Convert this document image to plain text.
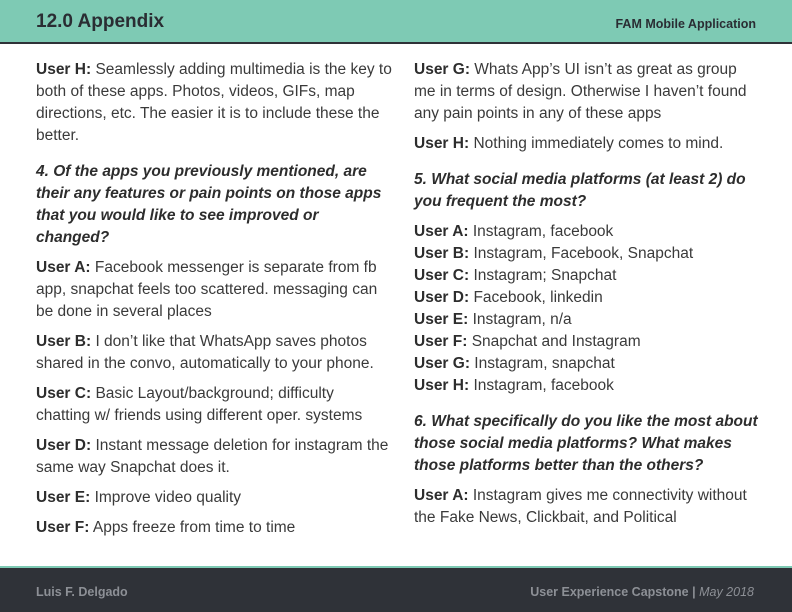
12.0 Appendix	FAM Mobile Application

User H: Seamlessly adding multimedia is the key to both of these apps. Photos, videos, GIFs, map directions, etc. The easier it is to include these the better.

4. Of the apps you previously mentioned, are their any features or pain points on those apps that you would like to see improved or changed?

User A: Facebook messenger is separate from fb app, snapchat feels too scattered. messaging can be done in several places

User B: I don’t like that WhatsApp saves photos shared in the convo, automatically to your phone.

User C: Basic Layout/background; difficulty chatting w/ friends using different oper. systems

User D: Instant message deletion for instagram the same way Snapchat does it.

User E: Improve video quality

User F: Apps freeze from time to time

User G: Whats App’s UI isn’t as great as group me in terms of design. Otherwise I haven’t found any pain points in any of these apps

User H: Nothing immediately comes to mind.

5. What social media platforms (at least 2) do you frequent the most?

User A: Instagram, facebook

User B: Instagram, Facebook, Snapchat

User C: Instagram; Snapchat

User D: Facebook, linkedin

User E: Instagram, n/a

User F: Snapchat and Instagram

User G: Instagram, snapchat

User H: Instagram, facebook

6. What specifically do you like the most about those social media platforms? What makes those platforms better than the others?

User A: Instagram gives me connectivity without the Fake News, Clickbait, and Political

Luis F. Delgado	User Experience Capstone | May 2018
